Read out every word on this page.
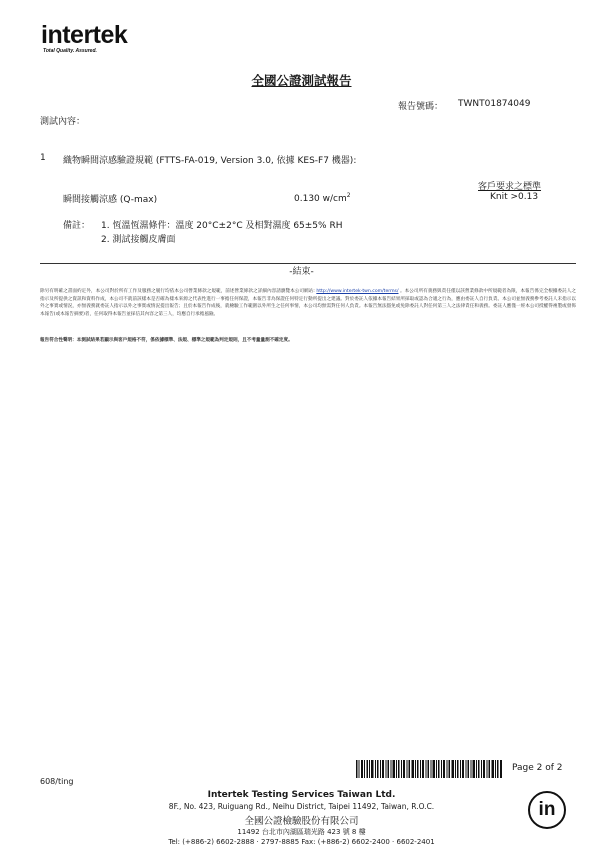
intertek
Total Quality. Assured.
全國公證測試報告
報告號碼： TWNT01874049
測試內容：
1 織物瞬間涼感驗證規範 (FTTS-FA-019, Version 3.0, 依據 KES-F7 機器):
客戶要求之標準
瞬間接觸涼感 (Q-max)	0.130 $w/cm^2$	Knit >0.13
備註： 1. 恆溫恆濕條件：溫度 20°C±2°C 及相對濕度 65±5% RH
2. 測試接觸皮膚面
-結束-
除另有明確之書面約定外，本公司對於所有工作及服務之履行均依本公司營業條款之規範，前述營業條款之詳細內容請瀏覽本公司網站: http://www.intertek-twn.com/terms/ 。本公司所有義務與責任僅以該營業條款中所規範者為限，本報告係完全根據委託人之指示及所提供之資訊和資料作成，本公司不就前該樣本是否確為樣本來源之代表性進行一事擔任何保證，本報告非為保證任何特定行動所提出之建議。對於委託人依據本報告結果所採取或認為合適之行為，應由委託人自行負責。本公司並無義務參考委託人未指示以外之事實或情況，亦無義務就委託人指示以外之事實或情況提出報告；且於本報告作成後，就檢驗工作範圍以外所生之任何事情，本公司均無需對任何人負責。本報告無法豁免或免除委託人對任何第三人之法律責任和義務。委託人應僅一經本公司授權得複製或發佈本報告(或本報告摘要)者，任何取得本報告並採信其內容之第三人，均應自行承擔風險。
報告符合性聲明：本測試結果若顯示與客戶規格不符，係依據標準、法規、標準之規範為判定規則，且不考量量測不確定度。
Page 2 of 2
608/ting
Intertek Testing Services Taiwan Ltd.
8F., No. 423, Ruiguang Rd., Neihu District, Taipei 11492, Taiwan, R.O.C.
全國公證檢驗股份有限公司
11492 台北市內湖區瑞光路 423 號 8 樓
Tel: (+886-2) 6602-2888 · 2797-8885 Fax: (+886-2) 6602-2400 · 6602-2401
in
